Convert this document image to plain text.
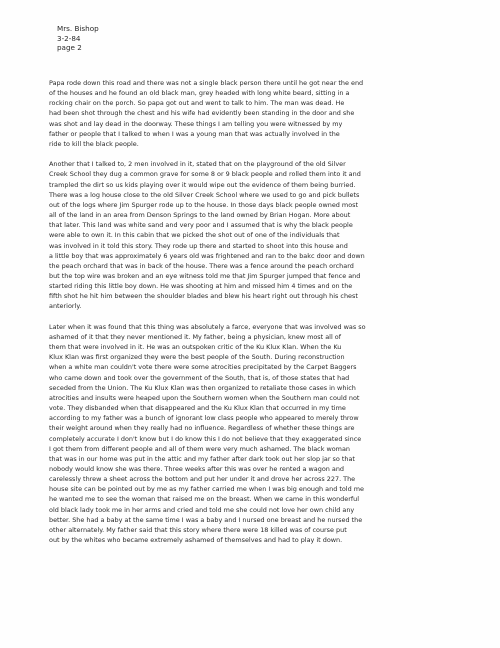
Mrs. Bishop
3-2-84
page 2

Papa rode down this road and there was not a single black person there until he got near the end
of the houses and he found an old black man, grey headed with long white beard, sitting in a
rocking chair on the porch. So papa got out and went to talk to him. The man was dead. He
had been shot through the chest and his wife had evidently been standing in the door and she
was shot and lay dead in the doorway. These things I am telling you were witnessed by my
father or people that I talked to when I was a young man that was actually involved in the
ride to kill the black people.

Another that I talked to, 2 men involved in it, stated that on the playground of the old Silver
Creek School they dug a common grave for some 8 or 9 black people and rolled them into it and
trampled the dirt so us kids playing over it would wipe out the evidence of them being burried.
There was a log house close to the old Silver Creek School where we used to go and pick bullets
out of the logs where Jim Spurger rode up to the house. In those days black people owned most
all of the land in an area from Denson Springs to the land owned by Brian Hogan. More about
that later. This land was white sand and very poor and I assumed that is why the black people
were able to own it. In this cabin that we picked the shot out of one of the individuals that
was involved in it told this story. They rode up there and started to shoot into this house and
a little boy that was approximately 6 years old was frightened and ran to the bakc door and down
the peach orchard that was in back of the house. There was a fence around the peach orchard
but the top wire was broken and an eye witness told me that Jim Spurger jumped that fence and
started riding this little boy down. He was shooting at him and missed him 4 times and on the
fifth shot he hit him between the shoulder blades and blew his heart right out through his chest
anteriorly.

Later when it was found that this thing was absolutely a farce, everyone that was involved was so
ashamed of it that they never mentioned it. My father, being a physician, knew most all of
them that were involved in it. He was an outspoken critic of the Ku Klux Klan. When the Ku
Klux Klan was first organized they were the best people of the South. During reconstruction
when a white man couldn't vote there were some atrocities precipitated by the Carpet Baggers
who came down and took over the government of the South, that is, of those states that had
seceded from the Union. The Ku Klux Klan was then organized to retaliate those cases in which
atrocities and insults were heaped upon the Southern women when the Southern man could not
vote. They disbanded when that disappeared and the Ku Klux Klan that occurred in my time
according to my father was a bunch of ignorant low class people who appeared to merely throw
their weight around when they really had no influence. Regardless of whether these things are
completely accurate I don't know but I do know this I do not believe that they exaggerated since
I got them from different people and all of them were very much ashamed. The black woman
that was in our home was put in the attic and my father after dark took out her slop jar so that
nobody would know she was there. Three weeks after this was over he rented a wagon and
carelessly threw a sheet across the bottom and put her under it and drove her across 227. The
house site can be pointed out by me as my father carried me when I was big enough and told me
he wanted me to see the woman that raised me on the breast. When we came in this wonderful
old black lady took me in her arms and cried and told me she could not love her own child any
better. She had a baby at the same time I was a baby and I nursed one breast and he nursed the
other alternately. My father said that this story where there were 18 killed was of course put
out by the whites who became extremely ashamed of themselves and had to play it down.
